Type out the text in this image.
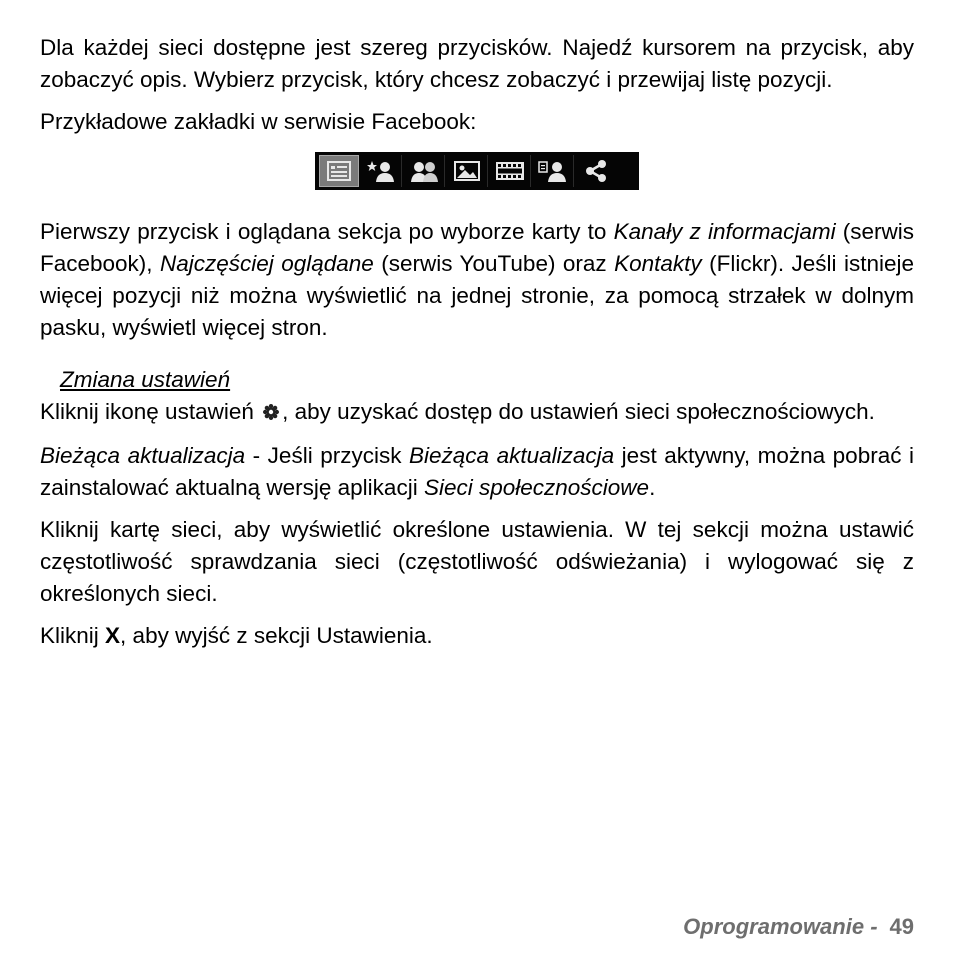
Dla każdej sieci dostępne jest szereg przycisków. Najedź kursorem na przycisk, aby zobaczyć opis. Wybierz przycisk, który chcesz zobaczyć i przewijaj listę pozycji.

Przykładowe zakładki w serwisie Facebook:

Pierwszy przycisk i oglądana sekcja po wyborze karty to Kanały z informacjami (serwis Facebook), Najczęściej oglądane (serwis YouTube) oraz Kontakty (Flickr). Jeśli istnieje więcej pozycji niż można wyświetlić na jednej stronie, za pomocą strzałek w dolnym pasku, wyświetl więcej stron.

Zmiana ustawień

Kliknij ikonę ustawień , aby uzyskać dostęp do ustawień sieci społecznościowych.

Bieżąca aktualizacja - Jeśli przycisk Bieżąca aktualizacja jest aktywny, można pobrać i zainstalować aktualną wersję aplikacji Sieci społecznościowe.

Kliknij kartę sieci, aby wyświetlić określone ustawienia. W tej sekcji można ustawić częstotliwość sprawdzania sieci (częstotliwość odświeżania) i wylogować się z określonych sieci.

Kliknij X, aby wyjść z sekcji Ustawienia.

Oprogramowanie - 49
